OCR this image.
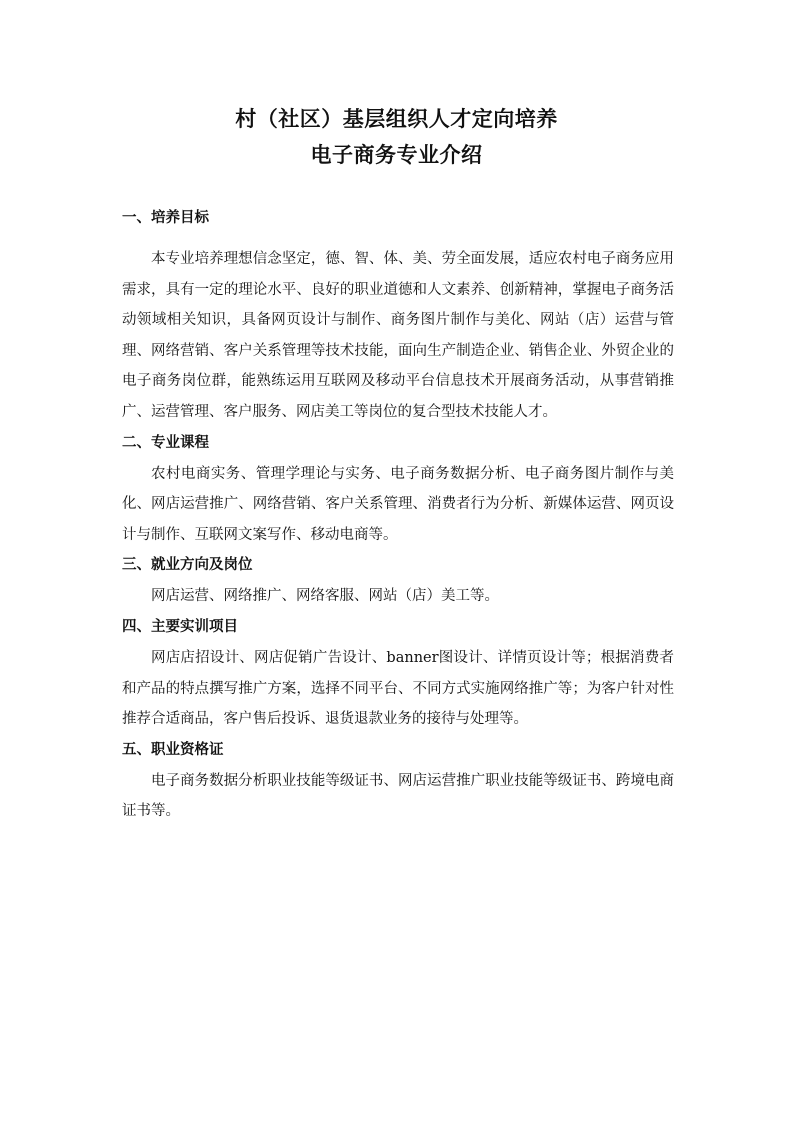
村（社区）基层组织人才定向培养
电子商务专业介绍
一、培养目标

本专业培养理想信念坚定，德、智、体、美、劳全面发展，适应农村电子商务应用需求，具有一定的理论水平、良好的职业道德和人文素养、创新精神，掌握电子商务活动领域相关知识，具备网页设计与制作、商务图片制作与美化、网站（店）运营与管理、网络营销、客户关系管理等技术技能，面向生产制造企业、销售企业、外贸企业的电子商务岗位群，能熟练运用互联网及移动平台信息技术开展商务活动，从事营销推广、运营管理、客户服务、网店美工等岗位的复合型技术技能人才。

二、专业课程

农村电商实务、管理学理论与实务、电子商务数据分析、电子商务图片制作与美化、网店运营推广、网络营销、客户关系管理、消费者行为分析、新媒体运营、网页设计与制作、互联网文案写作、移动电商等。

三、就业方向及岗位

网店运营、网络推广、网络客服、网站（店）美工等。

四、主要实训项目

网店店招设计、网店促销广告设计、banner图设计、详情页设计等；根据消费者和产品的特点撰写推广方案，选择不同平台、不同方式实施网络推广等；为客户针对性推荐合适商品，客户售后投诉、退货退款业务的接待与处理等。

五、职业资格证

电子商务数据分析职业技能等级证书、网店运营推广职业技能等级证书、跨境电商证书等。
